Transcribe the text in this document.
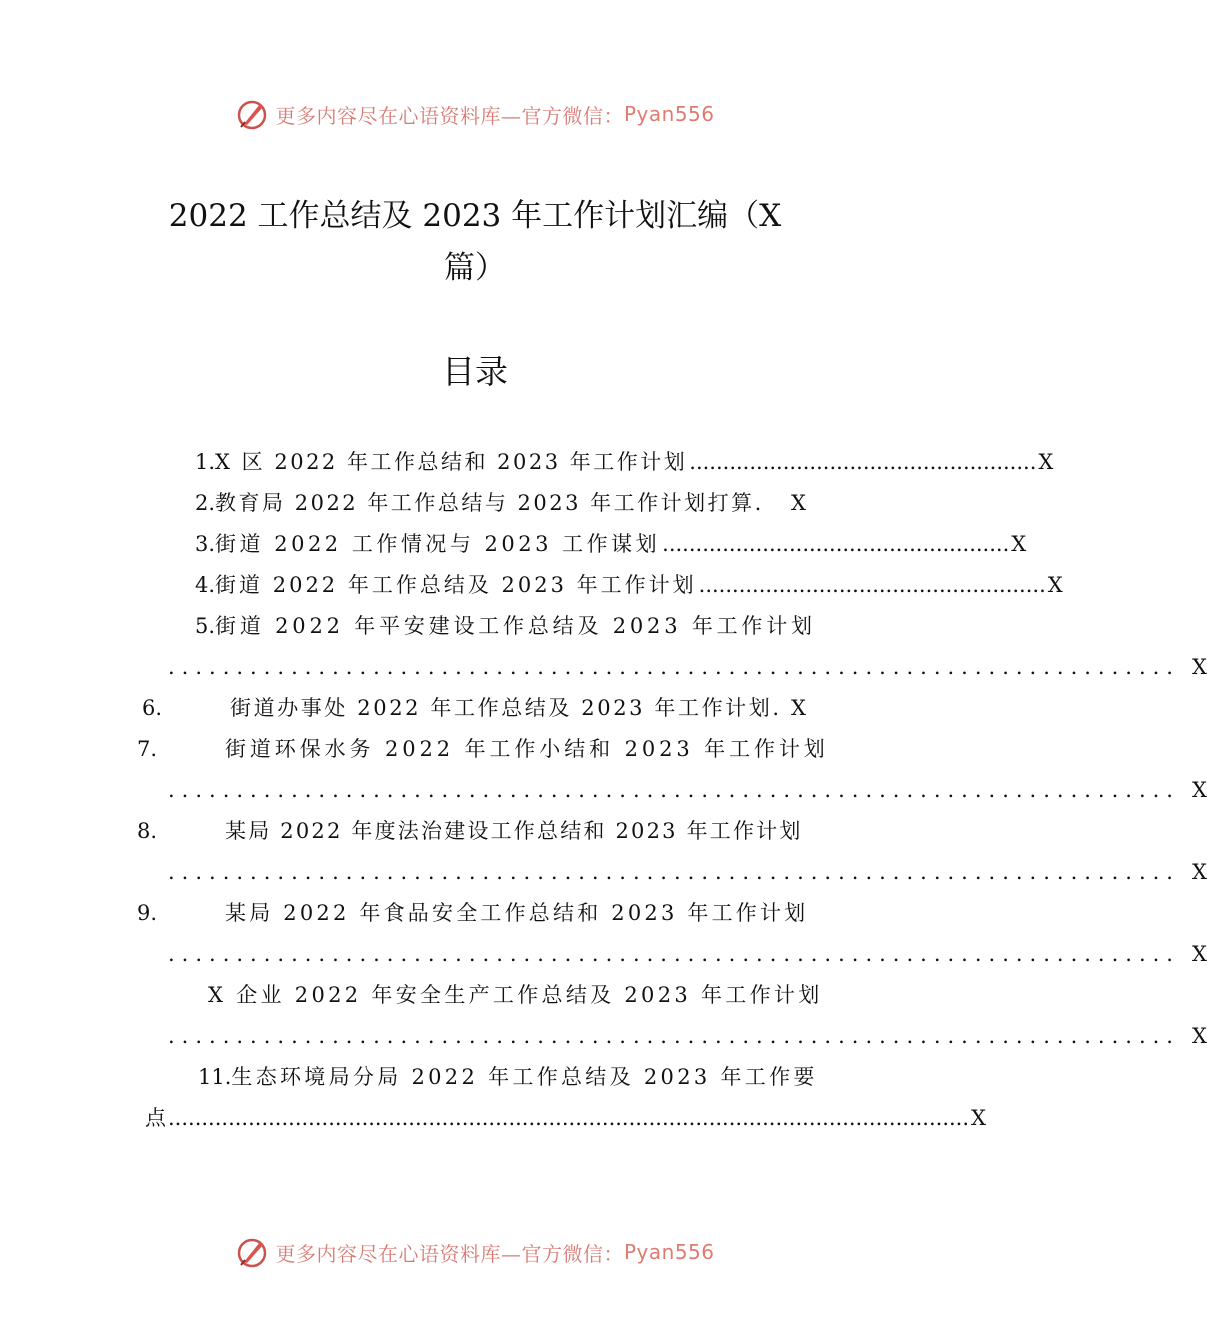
更多内容尽在心语资料库—官方微信： Pyan556
2022 工作总结及 2023 年工作计划汇编（X
篇）
目录
1. X 区 2022 年工作总结和 2023 年工作计划 .................................................... X
2. 教育局 2022 年工作总结与 2023 年工作计划打算. X
3. 街道 2022 工作情况与 2023 工作谋划 .................................................... X
4. 街道 2022 年工作总结及 2023 年工作计划 .................................................... X
5. 街道 2022 年平安建设工作总结及 2023 年工作计划
.......................................................................... X
6.	街道办事处 2022 年工作总结及 2023 年工作计划. X
7.	街道环保水务 2022 年工作小结和 2023 年工作计划
.......................................................................... X
8.	某局 2022 年度法治建设工作总结和 2023 年工作计划
.......................................................................... X
9.	某局 2022 年食品安全工作总结和 2023 年工作计划
.......................................................................... X
X 企业 2022 年安全生产工作总结及 2023 年工作计划
.......................................................................... X
11. 生态环境局分局 2022 年工作总结及 2023 年工作要
点 ........................................................................................................................ X
更多内容尽在心语资料库—官方微信： Pyan556
